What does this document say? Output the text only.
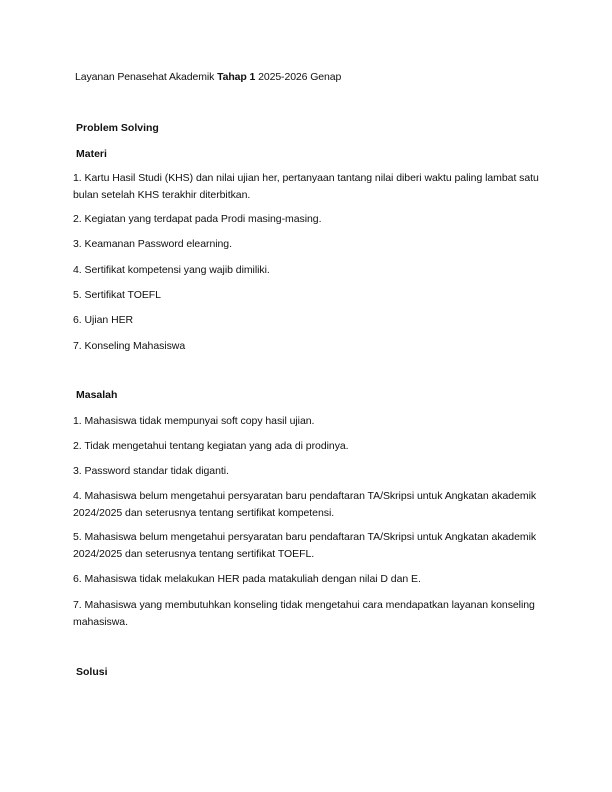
Layanan Penasehat Akademik Tahap 1 2025-2026 Genap
Problem Solving
Materi
1. Kartu Hasil Studi (KHS) dan nilai ujian her, pertanyaan tantang nilai diberi waktu paling lambat satu bulan setelah KHS terakhir diterbitkan.
2. Kegiatan yang terdapat pada Prodi masing-masing.
3. Keamanan Password elearning.
4. Sertifikat kompetensi yang wajib dimiliki.
5. Sertifikat TOEFL
6. Ujian HER
7. Konseling Mahasiswa
Masalah
1. Mahasiswa tidak mempunyai soft copy hasil ujian.
2. Tidak mengetahui tentang kegiatan yang ada di prodinya.
3. Password standar tidak diganti.
4. Mahasiswa belum mengetahui persyaratan baru pendaftaran TA/Skripsi untuk Angkatan akademik 2024/2025 dan seterusnya tentang sertifikat kompetensi.
5. Mahasiswa belum mengetahui persyaratan baru pendaftaran TA/Skripsi untuk Angkatan akademik 2024/2025 dan seterusnya tentang sertifikat TOEFL.
6. Mahasiswa tidak melakukan HER pada matakuliah dengan nilai D dan E.
7. Mahasiswa yang membutuhkan konseling tidak mengetahui cara mendapatkan layanan konseling mahasiswa.
Solusi
